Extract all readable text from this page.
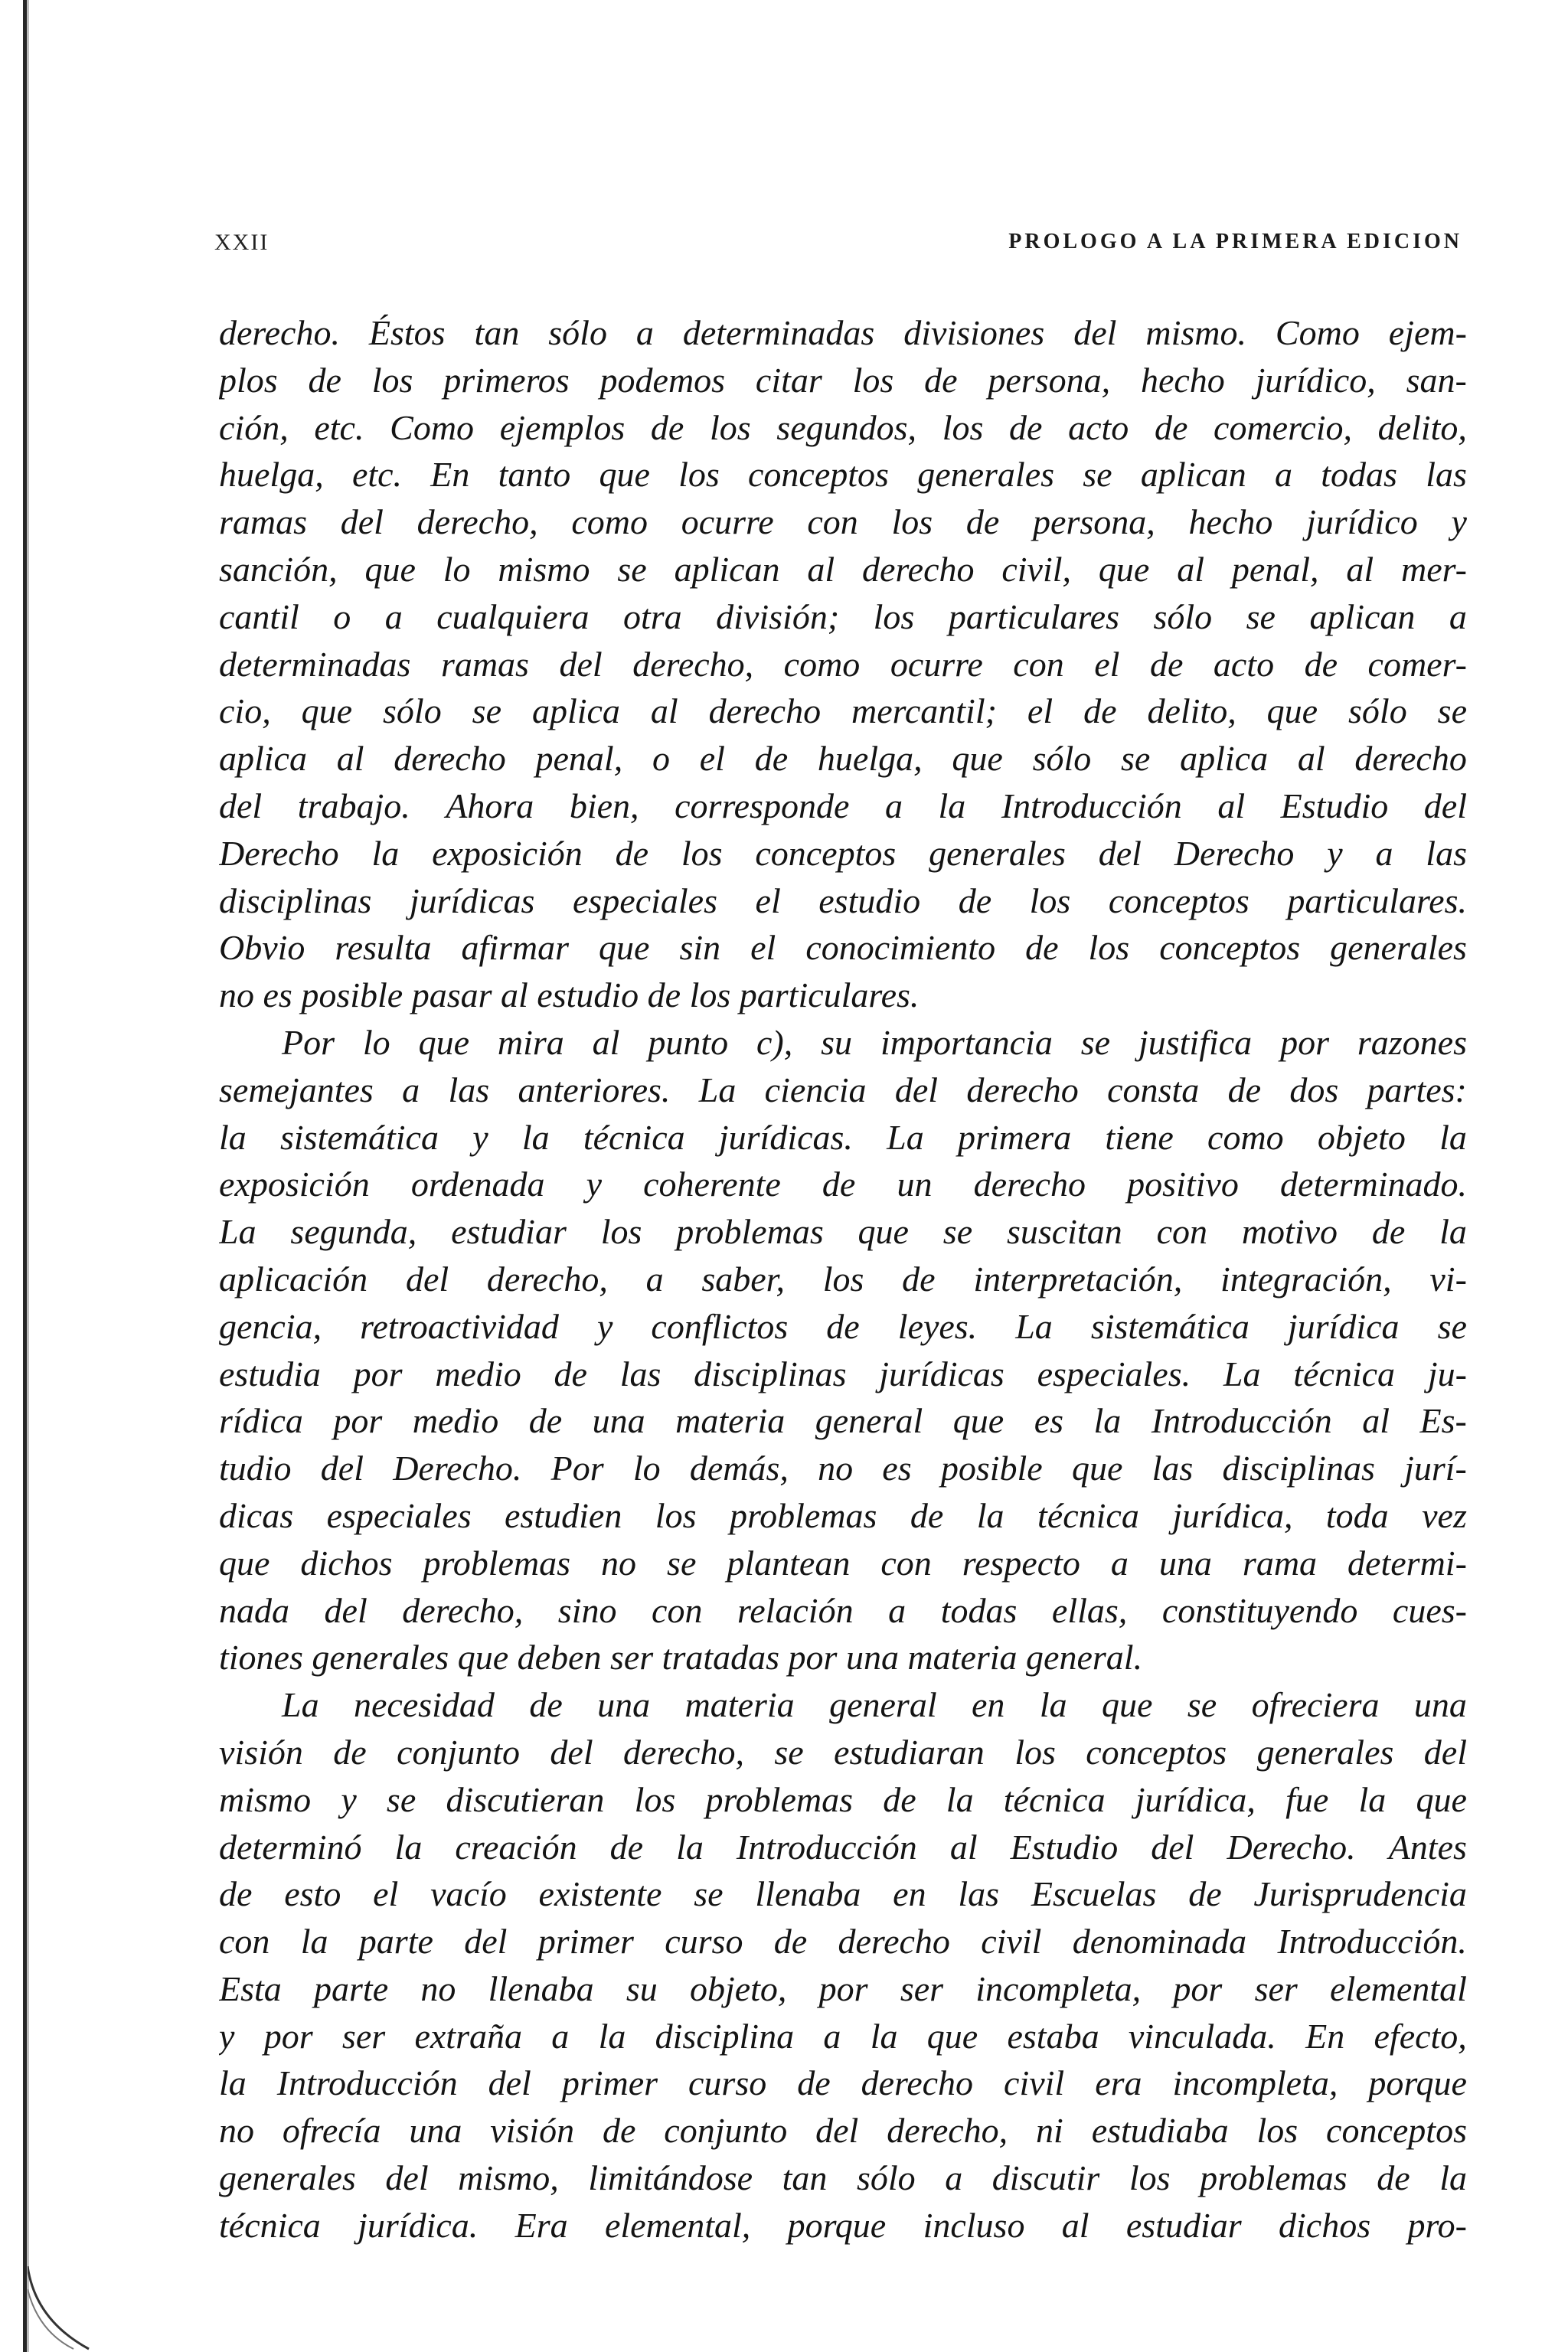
XXII	PROLOGO A LA PRIMERA EDICION
derecho. Éstos tan sólo a determinadas divisiones del mismo. Como ejem-
plos de los primeros podemos citar los de persona, hecho jurídico, san-
ción, etc. Como ejemplos de los segundos, los de acto de comercio, delito,
huelga, etc. En tanto que los conceptos generales se aplican a todas las
ramas del derecho, como ocurre con los de persona, hecho jurídico y
sanción, que lo mismo se aplican al derecho civil, que al penal, al mer-
cantil o a cualquiera otra división; los particulares sólo se aplican a
determinadas ramas del derecho, como ocurre con el de acto de comer-
cio, que sólo se aplica al derecho mercantil; el de delito, que sólo se
aplica al derecho penal, o el de huelga, que sólo se aplica al derecho
del trabajo. Ahora bien, corresponde a la Introducción al Estudio del
Derecho la exposición de los conceptos generales del Derecho y a las
disciplinas jurídicas especiales el estudio de los conceptos particulares.
Obvio resulta afirmar que sin el conocimiento de los conceptos generales
no es posible pasar al estudio de los particulares.
Por lo que mira al punto c), su importancia se justifica por razones
semejantes a las anteriores. La ciencia del derecho consta de dos partes:
la sistemática y la técnica jurídicas. La primera tiene como objeto la
exposición ordenada y coherente de un derecho positivo determinado.
La segunda, estudiar los problemas que se suscitan con motivo de la
aplicación del derecho, a saber, los de interpretación, integración, vi-
gencia, retroactividad y conflictos de leyes. La sistemática jurídica se
estudia por medio de las disciplinas jurídicas especiales. La técnica ju-
rídica por medio de una materia general que es la Introducción al Es-
tudio del Derecho. Por lo demás, no es posible que las disciplinas jurí-
dicas especiales estudien los problemas de la técnica jurídica, toda vez
que dichos problemas no se plantean con respecto a una rama determi-
nada del derecho, sino con relación a todas ellas, constituyendo cues-
tiones generales que deben ser tratadas por una materia general.
La necesidad de una materia general en la que se ofreciera una
visión de conjunto del derecho, se estudiaran los conceptos generales del
mismo y se discutieran los problemas de la técnica jurídica, fue la que
determinó la creación de la Introducción al Estudio del Derecho. Antes
de esto el vacío existente se llenaba en las Escuelas de Jurisprudencia
con la parte del primer curso de derecho civil denominada Introducción.
Esta parte no llenaba su objeto, por ser incompleta, por ser elemental
y por ser extraña a la disciplina a la que estaba vinculada. En efecto,
la Introducción del primer curso de derecho civil era incompleta, porque
no ofrecía una visión de conjunto del derecho, ni estudiaba los conceptos
generales del mismo, limitándose tan sólo a discutir los problemas de la
técnica jurídica. Era elemental, porque incluso al estudiar dichos pro-
